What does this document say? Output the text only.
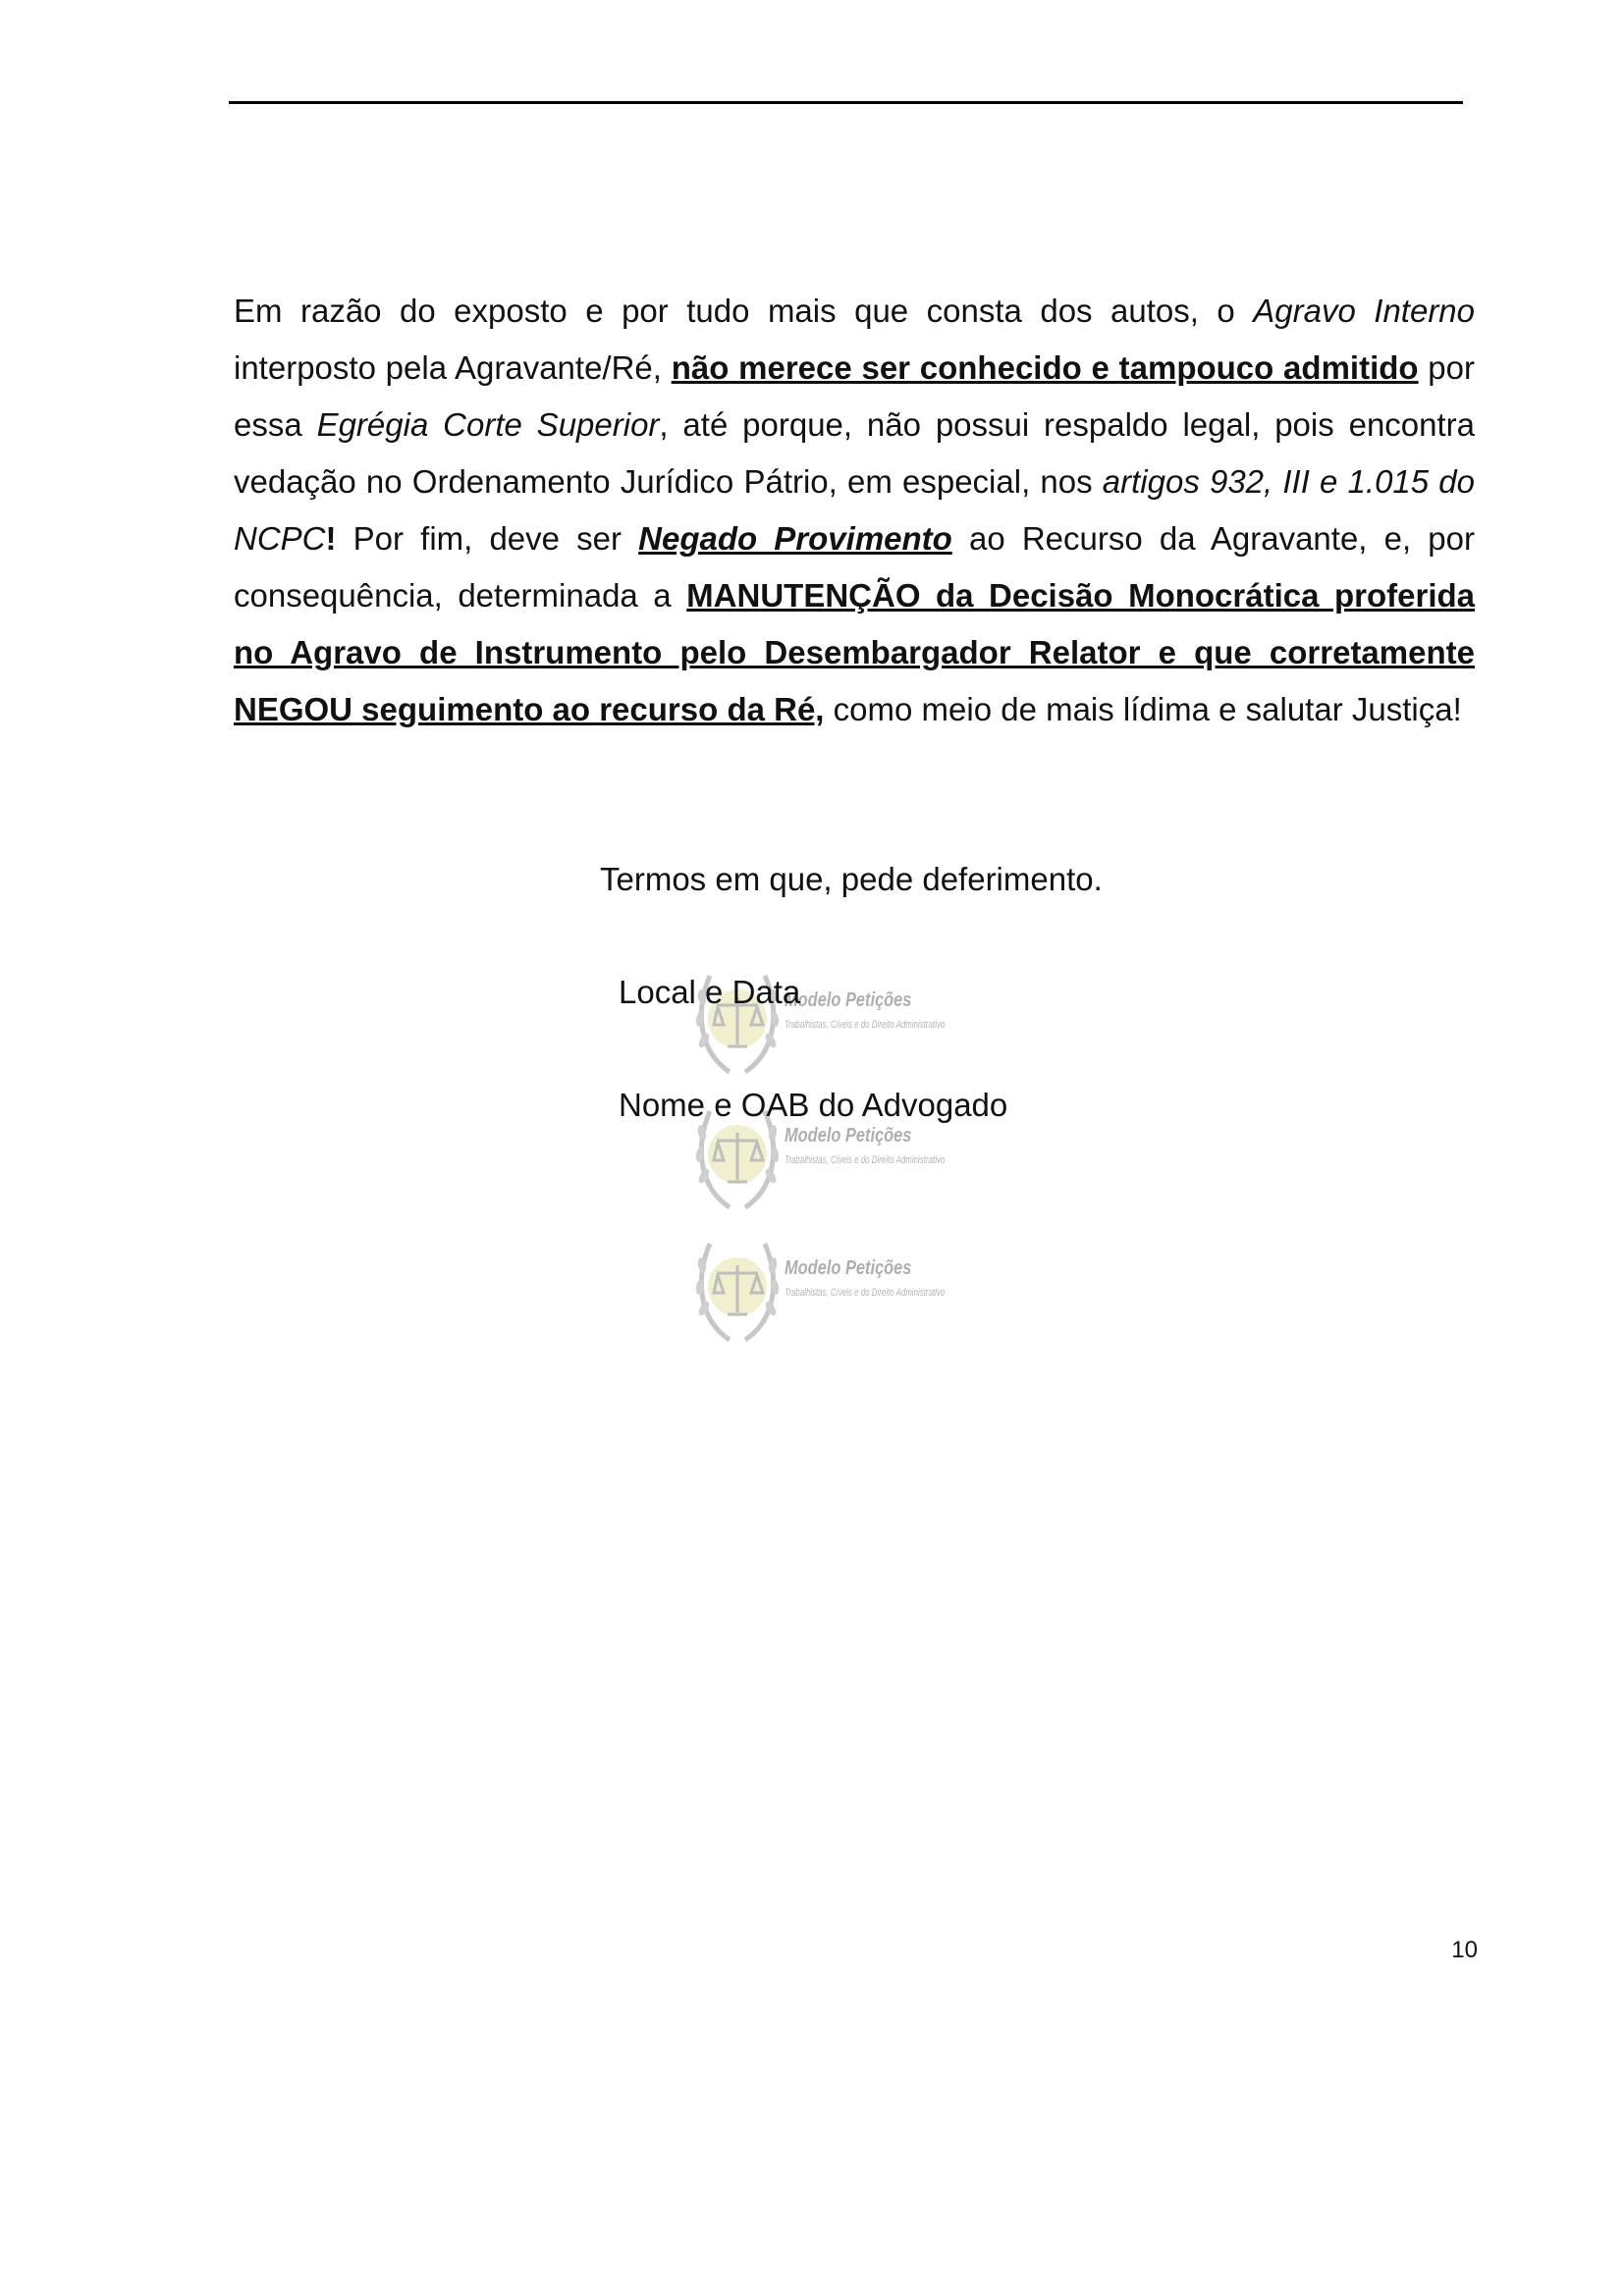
Em razão do exposto e por tudo mais que consta dos autos, o Agravo Interno interposto pela Agravante/Ré, não merece ser conhecido e tampouco admitido por essa Egrégia Corte Superior, até porque, não possui respaldo legal, pois encontra vedação no Ordenamento Jurídico Pátrio, em especial, nos artigos 932, III e 1.015 do NCPC! Por fim, deve ser Negado Provimento ao Recurso da Agravante, e, por consequência, determinada a MANUTENÇÃO da Decisão Monocrática proferida no Agravo de Instrumento pelo Desembargador Relator e que corretamente NEGOU seguimento ao recurso da Ré, como meio de mais lídima e salutar Justiça!

Termos em que, pede deferimento.

Modelo Petições
Trabalhistas, Cíveis e do Direito Administrativo
Modelo Petições
Trabalhistas, Cíveis e do Direito Administrativo
Modelo Petições
Trabalhistas, Cíveis e do Direito Administrativo

Local e Data

Nome e OAB do Advogado

10
